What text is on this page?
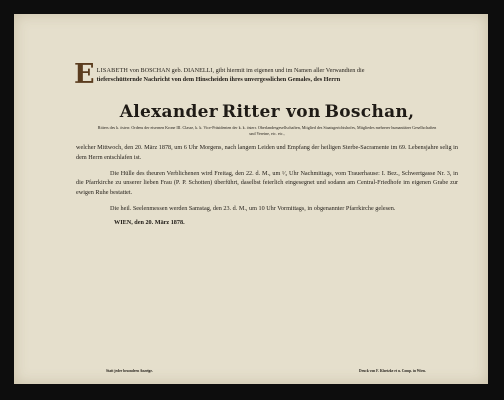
E LISABETH von BOSCHAN geb. DIANELLI, gibt hiermit im eigenen und im Namen aller Verwandten die
tieferschütternde Nachricht von dem Hinscheiden ihres unvergesslichen Gemales, des Herrn
Alexander Ritter von Boschan,
Ritters des k. österr. Ordens der eisernen Krone III. Classe, k. k. Vice-Präsidenten der k. k. österr. Oberlandesgesellschaften, Mitglied des Staatsgerichtshofes, Mitgliedes mehrerer humanitärer Gesellschaften und Vereine, etc. etc.,

welcher Mittwoch, den 20. März 1878, um 6 Uhr Morgens, nach langem Leiden und Empfang der heiligen Sterbe-Sacramente im 69. Lebensjahre selig in dem Herrn entschlafen ist.

Die Hülle des theuren Verblichenen wird Freitag, den 22. d. M., um ¹⁄₃ Uhr Nachmittags, vom Trauerhause: I. Bez., Schwertgasse Nr. 3, in die Pfarrkirche zu unserer lieben Frau (P. P. Schotten) überführt, daselbst feierlich eingesegnet und sodann am Central-Friedhofe im eigenen Grabe zur ewigen Ruhe bestattet.

Die heil. Seelenmessen werden Samstag, den 23. d. M., um 10 Uhr Vormittags, in obgenannter Pfarrkirche gelesen.

WIEN, den 20. März 1878.
Statt jeder besondern Anzeige.	Druck von F. Kloetzke et u. Comp. in Wien.
